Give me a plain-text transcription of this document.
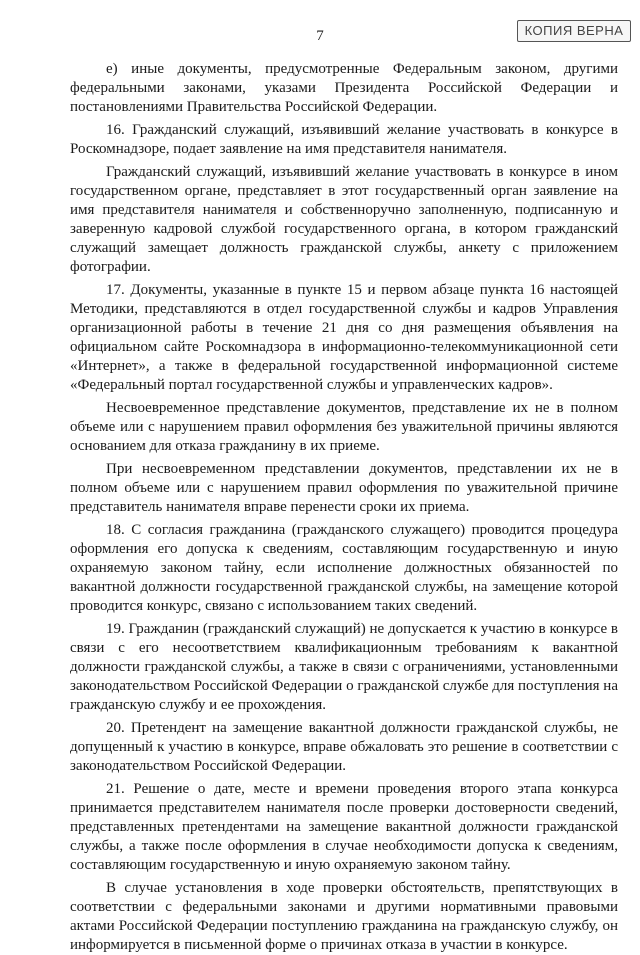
7	КОПИЯ ВЕРНА

е) иные документы, предусмотренные Федеральным законом, другими федеральными законами, указами Президента Российской Федерации и постановлениями Правительства Российской Федерации.

16. Гражданский служащий, изъявивший желание участвовать в конкурсе в Роскомнадзоре, подает заявление на имя представителя нанимателя.

Гражданский служащий, изъявивший желание участвовать в конкурсе в ином государственном органе, представляет в этот государственный орган заявление на имя представителя нанимателя и собственноручно заполненную, подписанную и заверенную кадровой службой государственного органа, в котором гражданский служащий замещает должность гражданской службы, анкету с приложением фотографии.

17. Документы, указанные в пункте 15 и первом абзаце пункта 16 настоящей Методики, представляются в отдел государственной службы и кадров Управления организационной работы в течение 21 дня со дня размещения объявления на официальном сайте Роскомнадзора в информационно-телекоммуникационной сети «Интернет», а также в федеральной государственной информационной системе «Федеральный портал государственной службы и управленческих кадров».

Несвоевременное представление документов, представление их не в полном объеме или с нарушением правил оформления без уважительной причины являются основанием для отказа гражданину в их приеме.

При несвоевременном представлении документов, представлении их не в полном объеме или с нарушением правил оформления по уважительной причине представитель нанимателя вправе перенести сроки их приема.

18. С согласия гражданина (гражданского служащего) проводится процедура оформления его допуска к сведениям, составляющим государственную и иную охраняемую законом тайну, если исполнение должностных обязанностей по вакантной должности государственной гражданской службы, на замещение которой проводится конкурс, связано с использованием таких сведений.

19. Гражданин (гражданский служащий) не допускается к участию в конкурсе в связи с его несоответствием квалификационным требованиям к вакантной должности гражданской службы, а также в связи с ограничениями, установленными законодательством Российской Федерации о гражданской службе для поступления на гражданскую службу и ее прохождения.

20. Претендент на замещение вакантной должности гражданской службы, не допущенный к участию в конкурсе, вправе обжаловать это решение в соответствии с законодательством Российской Федерации.

21. Решение о дате, месте и времени проведения второго этапа конкурса принимается представителем нанимателя после проверки достоверности сведений, представленных претендентами на замещение вакантной должности гражданской службы, а также после оформления в случае необходимости допуска к сведениям, составляющим государственную и иную охраняемую законом тайну.

В случае установления в ходе проверки обстоятельств, препятствующих в соответствии с федеральными законами и другими нормативными правовыми актами Российской Федерации поступлению гражданина на гражданскую службу, он информируется в письменной форме о причинах отказа в участии в конкурсе.
